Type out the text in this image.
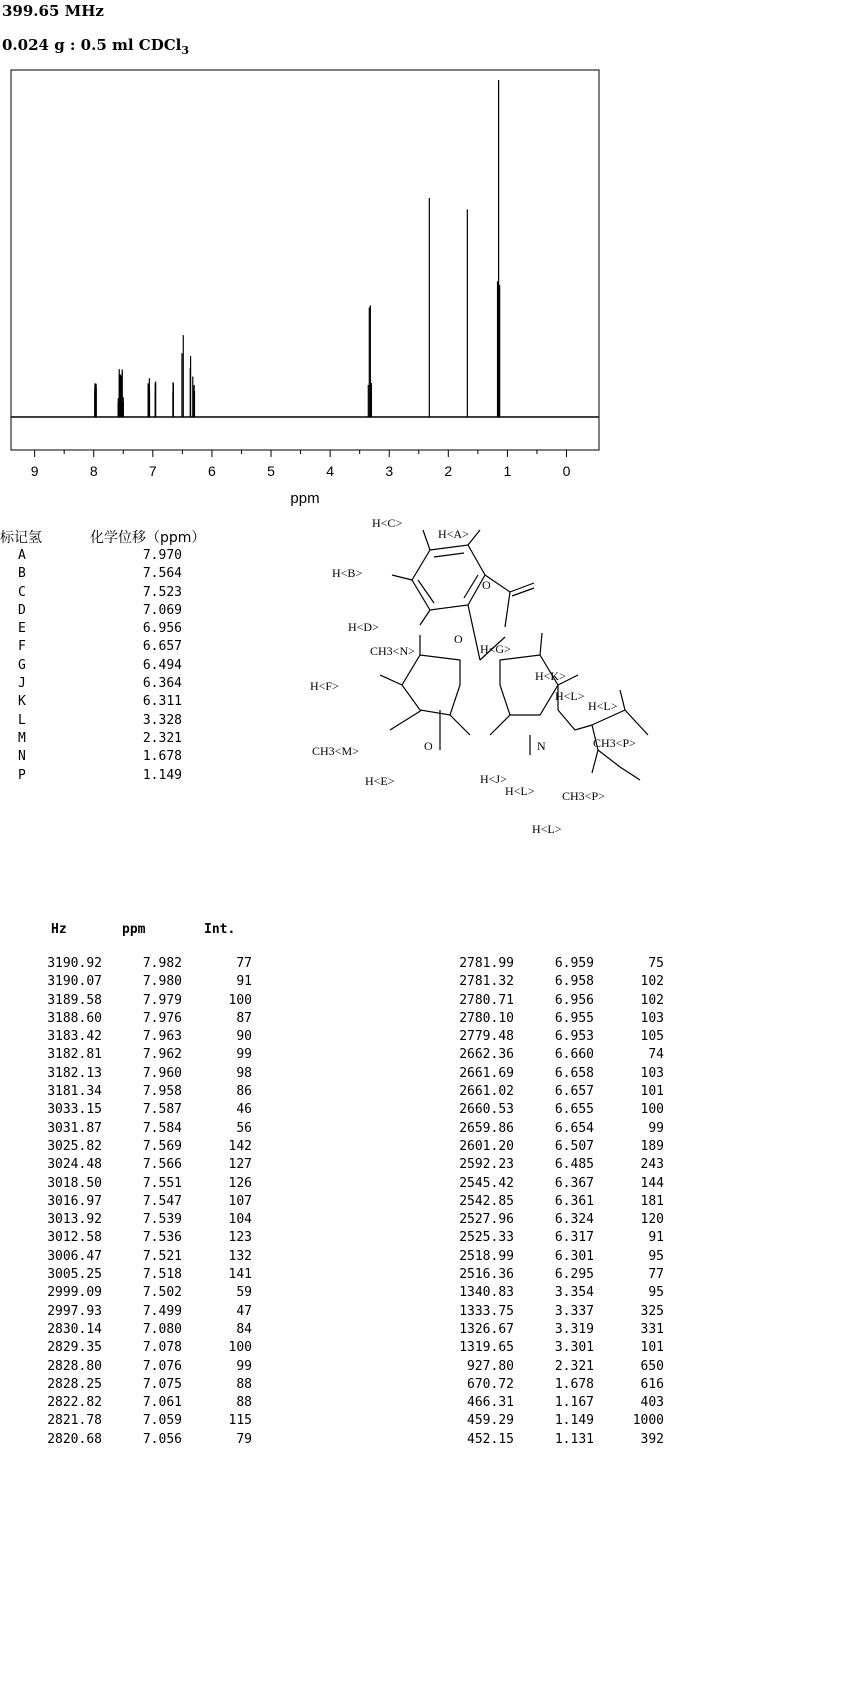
399.65 MHz
0.024 g : 0.5 ml CDCl$_3$
9	8	7	6	5	4	3	2	1	0
ppm

标记氢

	化学位移（ppm）

A	7.970
B	7.564
C	7.523
D	7.069
E	6.956
F	6.657
G	6.494
J	6.364
K	6.311
L	3.328
M	2.321
N	1.678
P	1.149
H<C>
H<A>
H<B>
H<D>
O
O
O
CH3<N>	H<G>
H<K>
H<F>
H<L>
H<L>
N	CH3<P>
CH3<M>
H<E>	H<J>
H<L> CH3<P>
H<L>
Hz	ppm	Int.
3190.92	7.982	77
3190.07	7.980	91
3189.58	7.979	100
3188.60	7.976	87
3183.42	7.963	90
3182.81	7.962	99
3182.13	7.960	98
3181.34	7.958	86
3033.15	7.587	46
3031.87	7.584	56
3025.82	7.569	142
3024.48	7.566	127
3018.50	7.551	126
3016.97	7.547	107
3013.92	7.539	104
3012.58	7.536	123
3006.47	7.521	132
3005.25	7.518	141
2999.09	7.502	59
2997.93	7.499	47
2830.14	7.080	84
2829.35	7.078	100
2828.80	7.076	99
2828.25	7.075	88
2822.82	7.061	88
2821.78	7.059	115
2820.68	7.056	79
2781.99	6.959	75
2781.32	6.958	102
2780.71	6.956	102
2780.10	6.955	103
2779.48	6.953	105
2662.36	6.660	74
2661.69	6.658	103
2661.02	6.657	101
2660.53	6.655	100
2659.86	6.654	99
2601.20	6.507	189
2592.23	6.485	243
2545.42	6.367	144
2542.85	6.361	181
2527.96	6.324	120
2525.33	6.317	91
2518.99	6.301	95
2516.36	6.295	77
1340.83	3.354	95
1333.75	3.337	325
1326.67	3.319	331
1319.65	3.301	101
927.80	2.321	650
670.72	1.678	616
466.31	1.167	403
459.29	1.149	1000
452.15	1.131	392
